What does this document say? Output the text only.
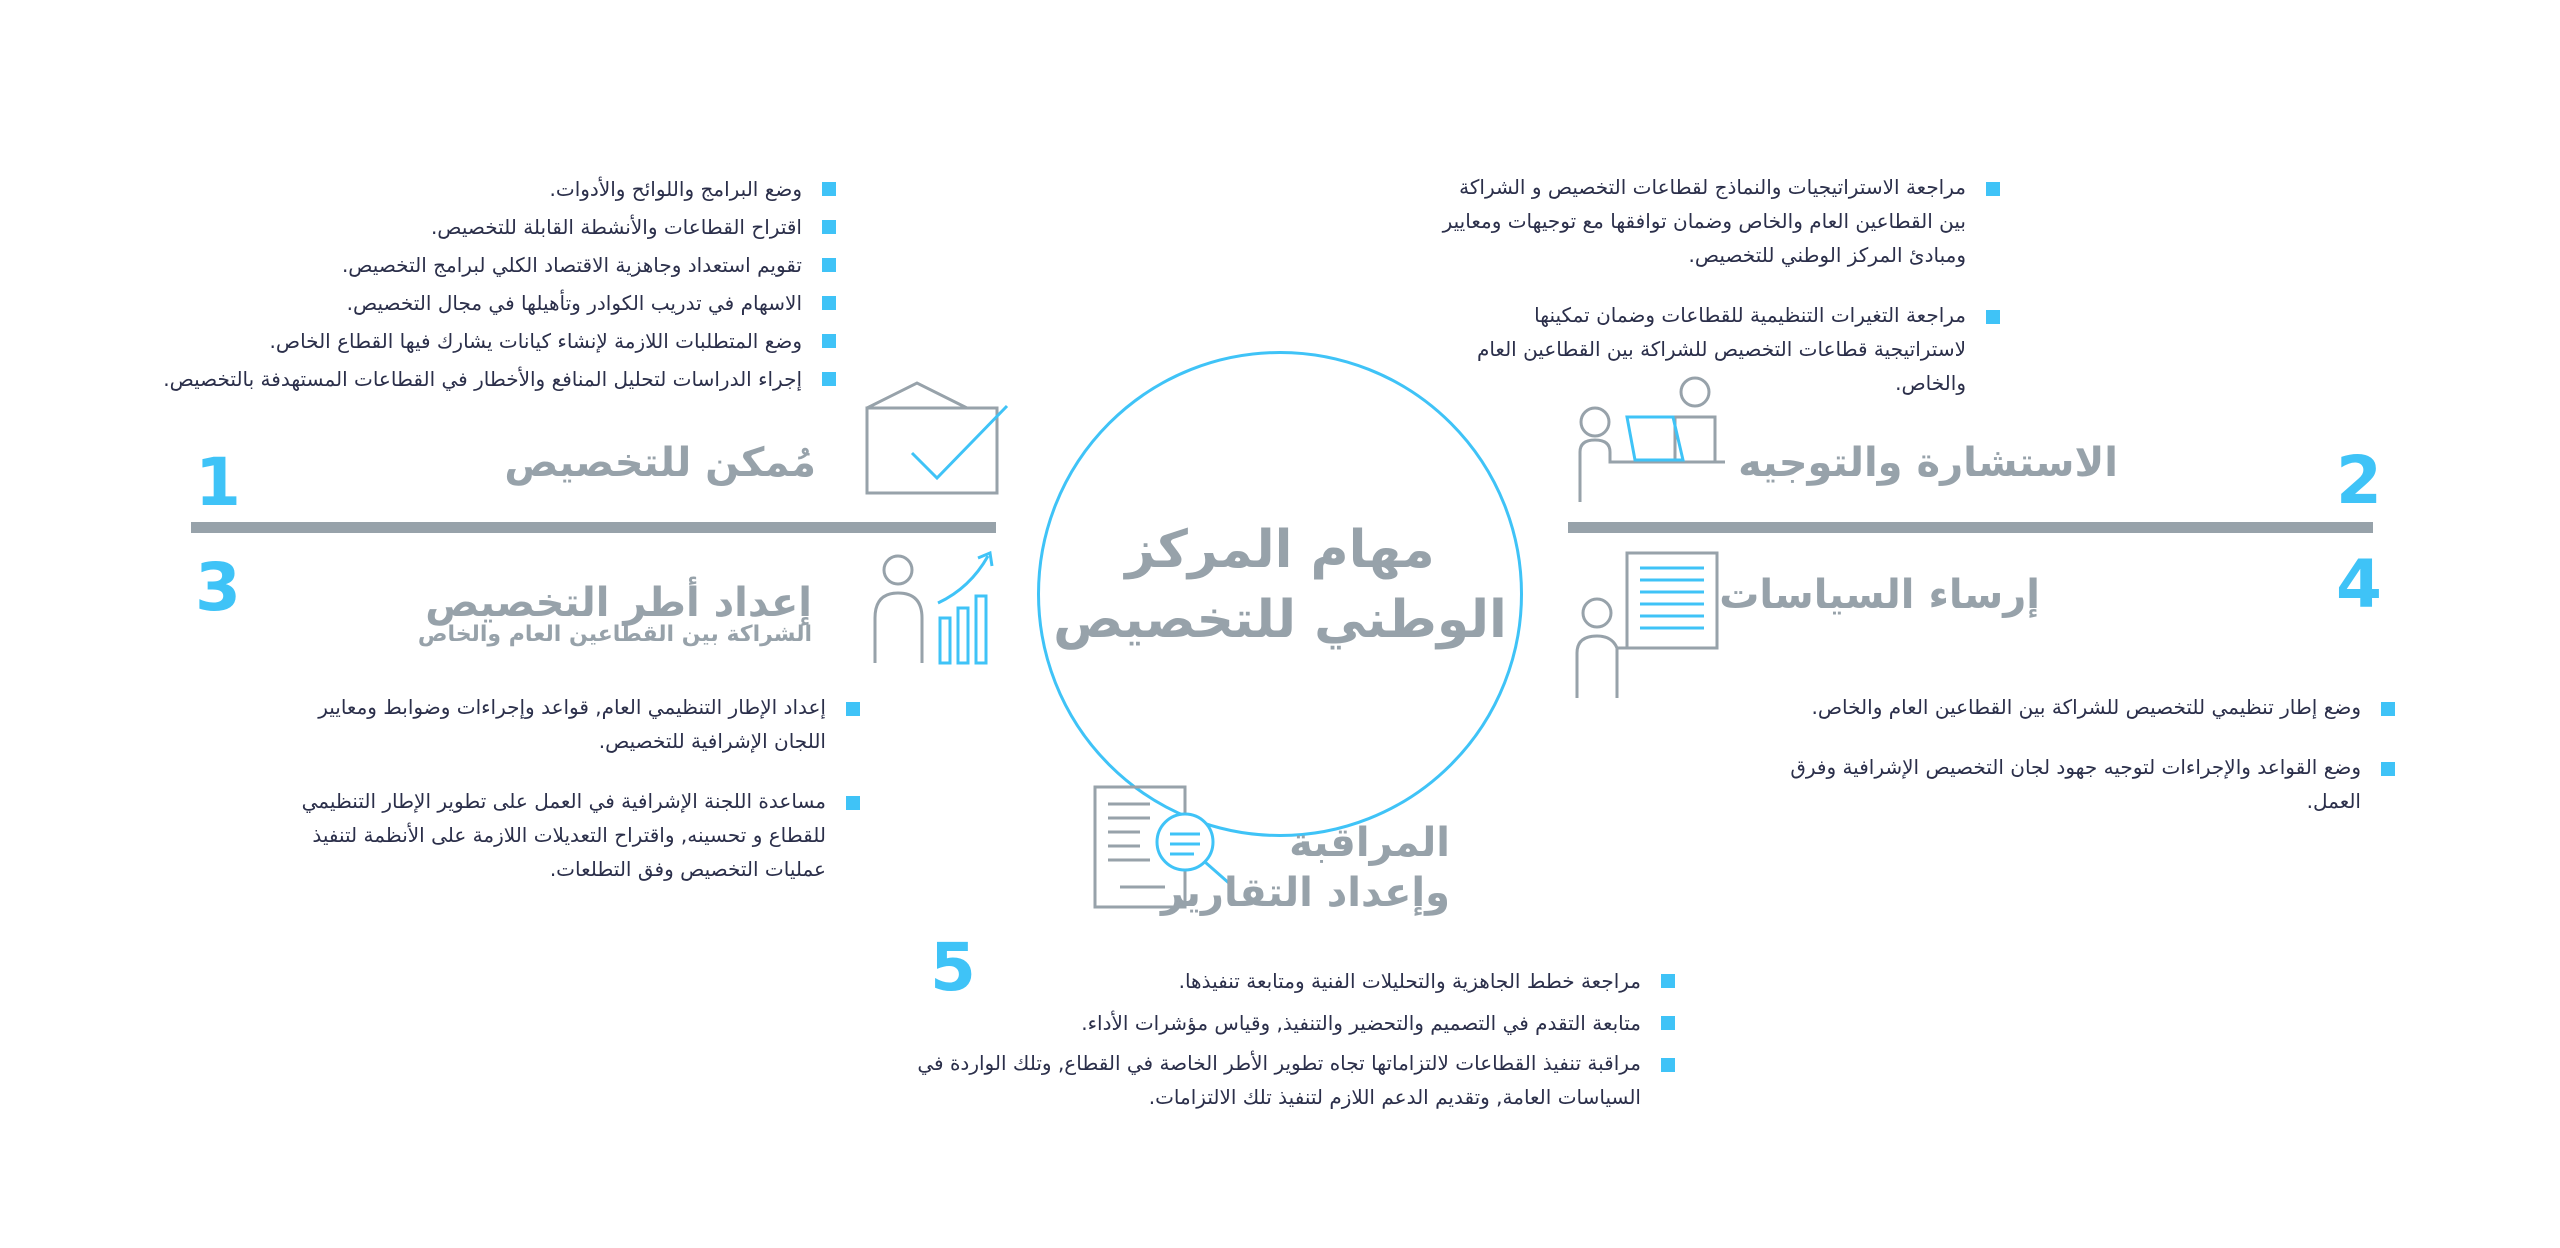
مهام المركز
الوطني للتخصيص
وضع البرامج واللوائح والأدوات.
اقتراح القطاعات والأنشطة القابلة للتخصيص.
تقويم استعداد وجاهزية الاقتصاد الكلي لبرامج التخصيص.
الاسهام في تدريب الكوادر وتأهيلها في مجال التخصيص.
وضع المتطلبات اللازمة لإنشاء كيانات يشارك فيها القطاع الخاص.
إجراء الدراسات لتحليل المنافع والأخطار في القطاعات المستهدفة بالتخصيص.
مُمكن للتخصيص
1
مراجعة الاستراتيجيات والنماذج لقطاعات التخصيص و الشراكة بين القطاعين العام والخاص وضمان توافقها مع توجيهات ومعايير ومبادئ المركز الوطني للتخصيص.
مراجعة التغيرات التنظيمية للقطاعات وضمان تمكينها لاستراتيجية قطاعات التخصيص للشراكة بين القطاعين العام والخاص.
الاستشارة والتوجيه	2
إعداد أطر التخصيص
الشراكة بين القطاعين العام والخاص
3
إعداد الإطار التنظيمي العام, قواعد وإجراءات وضوابط ومعايير اللجان الإشرافية للتخصيص.
مساعدة اللجنة الإشرافية في العمل على تطوير الإطار التنظيمي للقطاع و تحسينه, واقتراح التعديلات اللازمة على الأنظمة لتنفيذ عمليات التخصيص وفق التطلعات.
إرساء السياسات	4
وضع إطار تنظيمي للتخصيص للشراكة بين القطاعين العام والخاص.
وضع القواعد والإجراءات لتوجيه جهود لجان التخصيص الإشرافية وفرق العمل.
المراقبة
وإعداد التقارير
5	مراجعة خطط الجاهزية والتحليلات الفنية ومتابعة تنفيذها.
متابعة التقدم في التصميم والتحضير والتنفيذ, وقياس مؤشرات الأداء.
مراقبة تنفيذ القطاعات لالتزاماتها تجاه تطوير الأطر الخاصة في القطاع, وتلك الواردة في السياسات العامة, وتقديم الدعم اللازم لتنفيذ تلك الالتزامات.
